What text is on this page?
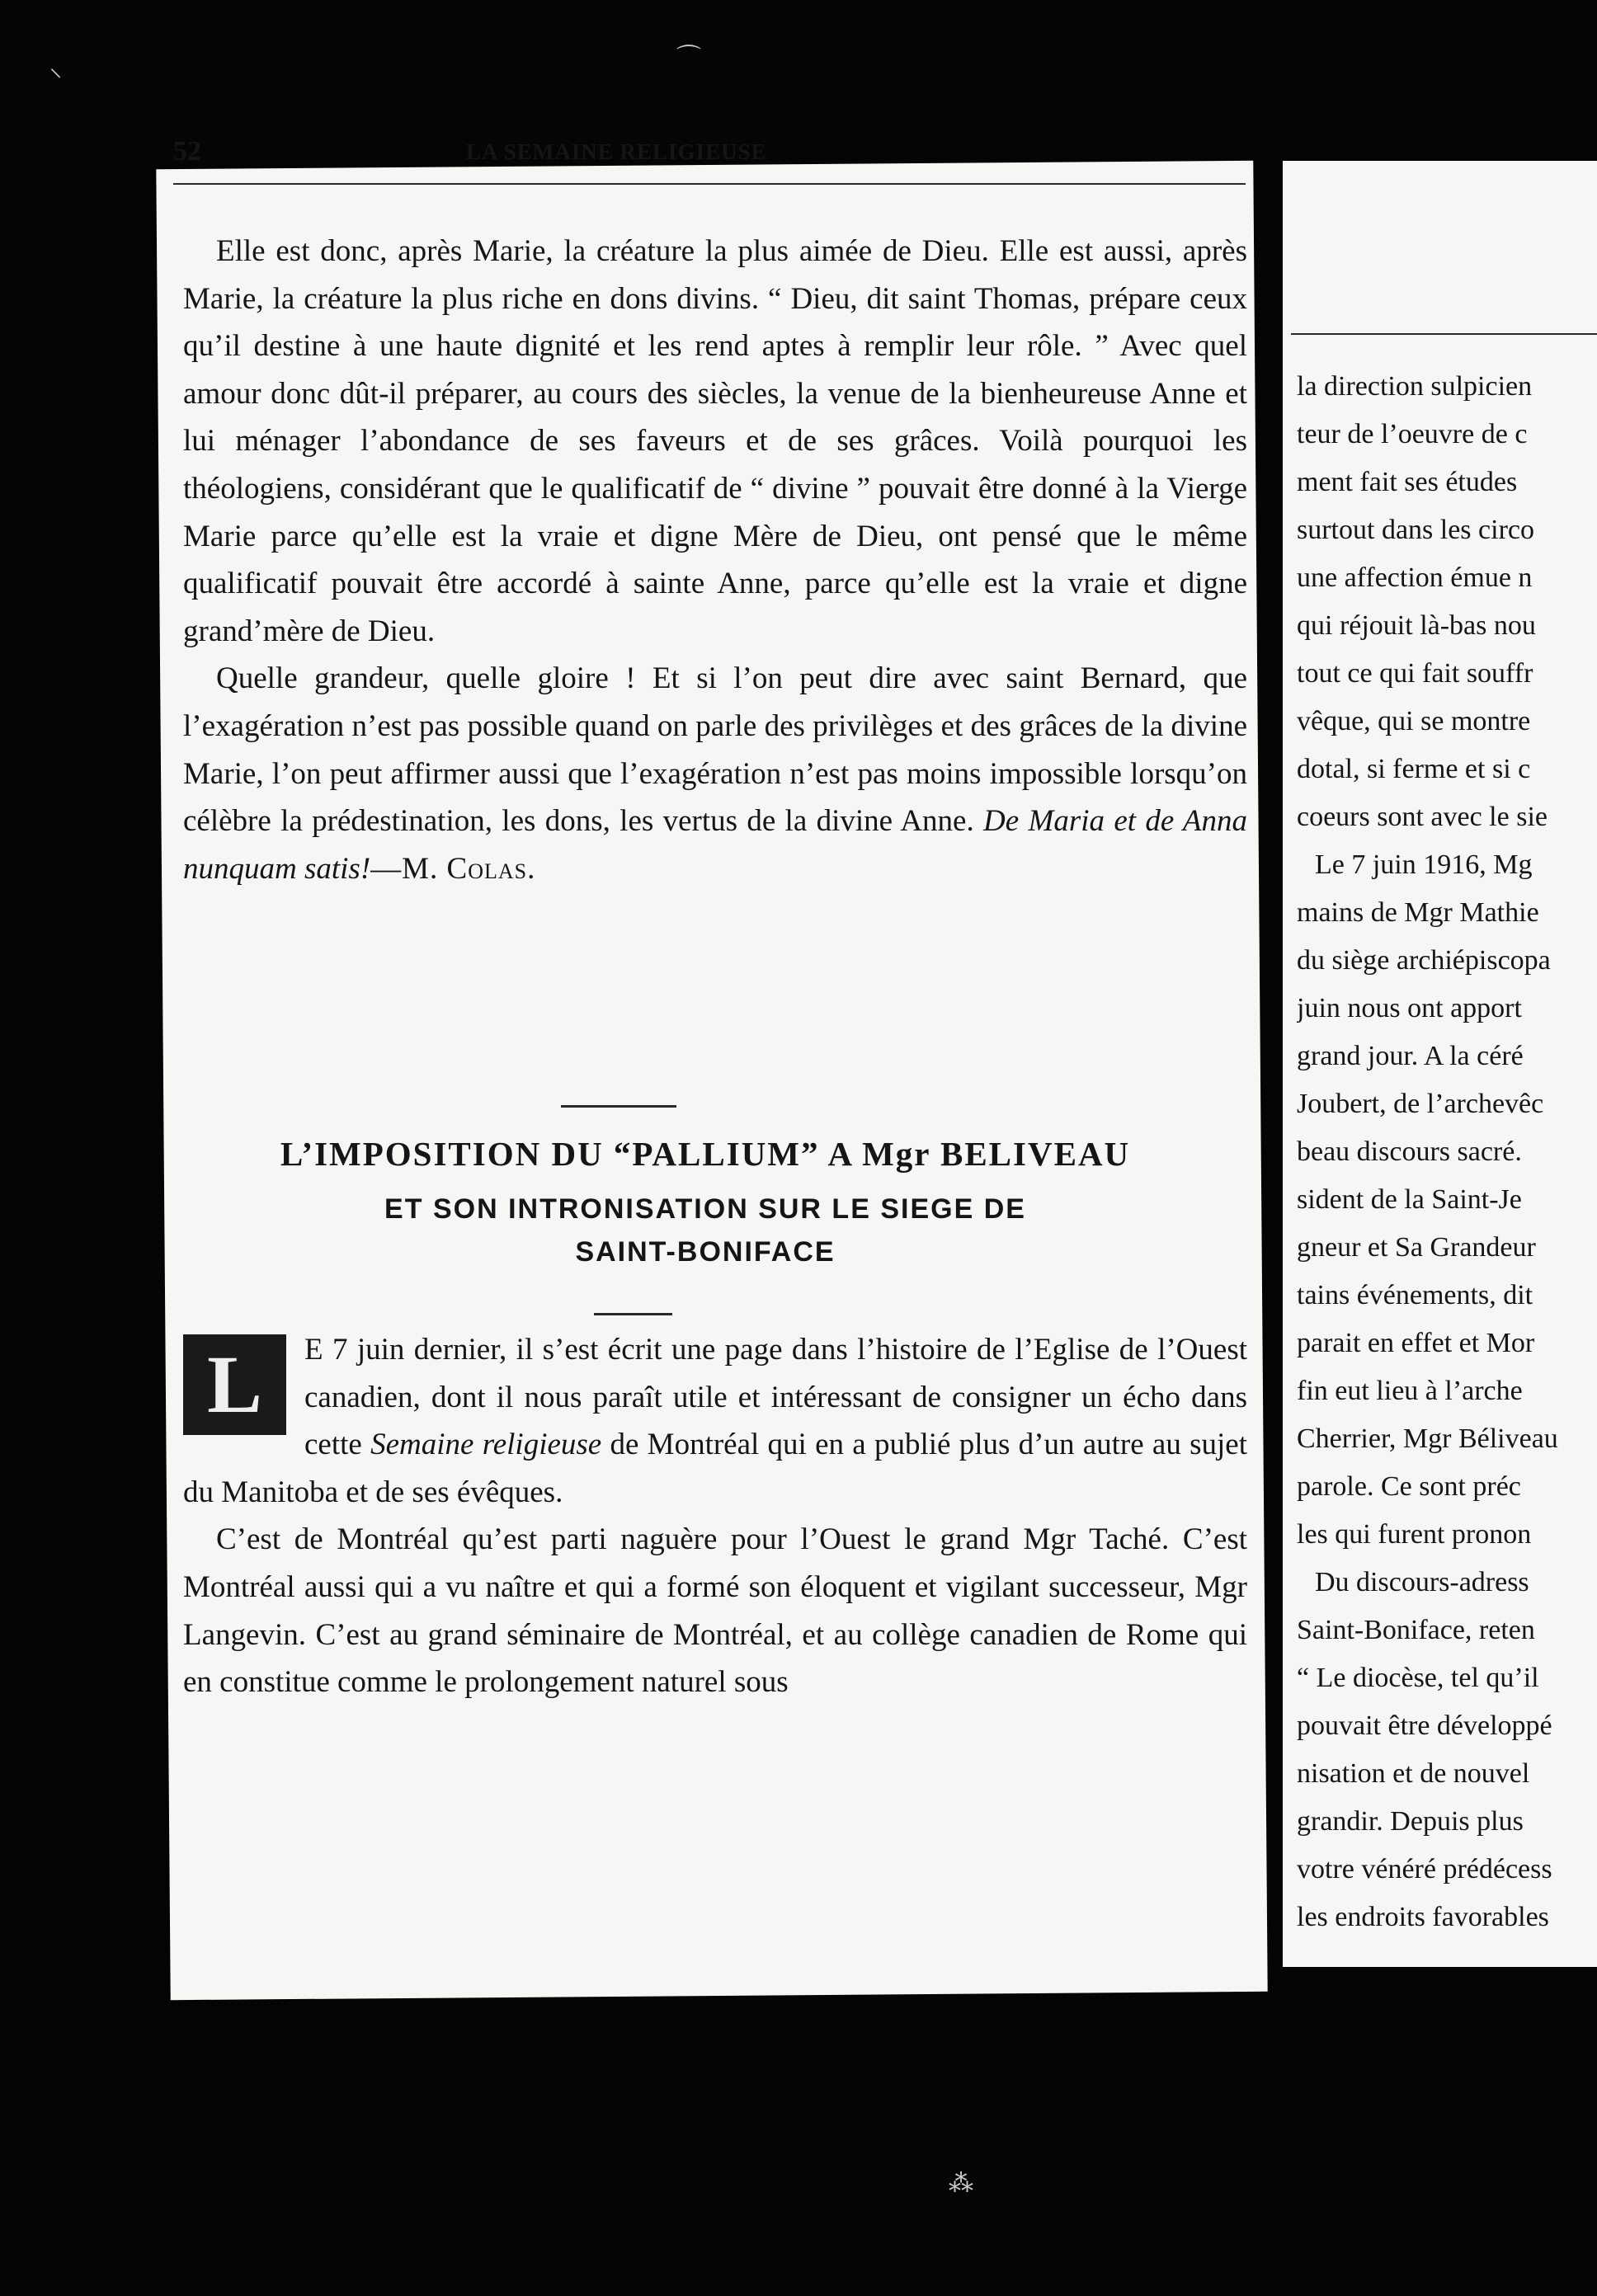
52	LA SEMAINE RELIGIEUSE

Elle est donc, après Marie, la créature la plus aimée de Dieu. Elle est aussi, après Marie, la créature la plus riche en dons divins. “ Dieu, dit saint Thomas, prépare ceux qu’il destine à une haute dignité et les rend aptes à remplir leur rôle. ” Avec quel amour donc dût-il préparer, au cours des siècles, la venue de la bienheureuse Anne et lui ménager l’abondance de ses faveurs et de ses grâces. Voilà pourquoi les théologiens, considérant que le qualificatif de “ divine ” pouvait être donné à la Vierge Marie parce qu’elle est la vraie et digne Mère de Dieu, ont pensé que le même qualificatif pouvait être accordé à sainte Anne, parce qu’elle est la vraie et digne grand’mère de Dieu.

Quelle grandeur, quelle gloire ! Et si l’on peut dire avec saint Bernard, que l’exagération n’est pas possible quand on parle des privilèges et des grâces de la divine Marie, l’on peut affirmer aussi que l’exagération n’est pas moins impossible lorsqu’on célèbre la prédestination, les dons, les vertus de la divine Anne. De Maria et de Anna nunquam satis!—M. Colas.

L’IMPOSITION DU “PALLIUM” A Mgr BELIVEAU
ET SON INTRONISATION SUR LE SIEGE DE
SAINT-BONIFACE

L	E 7 juin dernier, il s’est écrit une page dans l’histoire de l’Eglise de l’Ouest canadien, dont il nous paraît utile et intéressant de consigner un écho dans cette Semaine religieuse de Montréal qui en a publié plus d’un autre au sujet du Manitoba et de ses évêques.

C’est de Montréal qu’est parti naguère pour l’Ouest le grand Mgr Taché. C’est Montréal aussi qui a vu naître et qui a formé son éloquent et vigilant successeur, Mgr Langevin. C’est au grand séminaire de Montréal, et au collège canadien de Rome qui en constitue comme le prolongement naturel sous

la direction sulpicien
teur de l’oeuvre de c
ment fait ses études
surtout dans les circo
une affection émue n
qui réjouit là-bas nou
tout ce qui fait souffr
vêque, qui se montre
dotal, si ferme et si c
coeurs sont avec le sie
Le 7 juin 1916, Mg
mains de Mgr Mathie
du siège archiépiscopa
juin nous ont apport
grand jour. A la céré
Joubert, de l’archevêc
beau discours sacré.
sident de la Saint-Je
gneur et Sa Grandeur
tains événements, dit
parait en effet et Mor
fin eut lieu à l’arche
Cherrier, Mgr Béliveau
parole. Ce sont préc
les qui furent pronon
Du discours-adress
Saint-Boniface, reten
“ Le diocèse, tel qu’il
pouvait être développé
nisation et de nouvel
grandir. Depuis plus
votre vénéré prédécess
les endroits favorables
⸜	⌒
⁂
